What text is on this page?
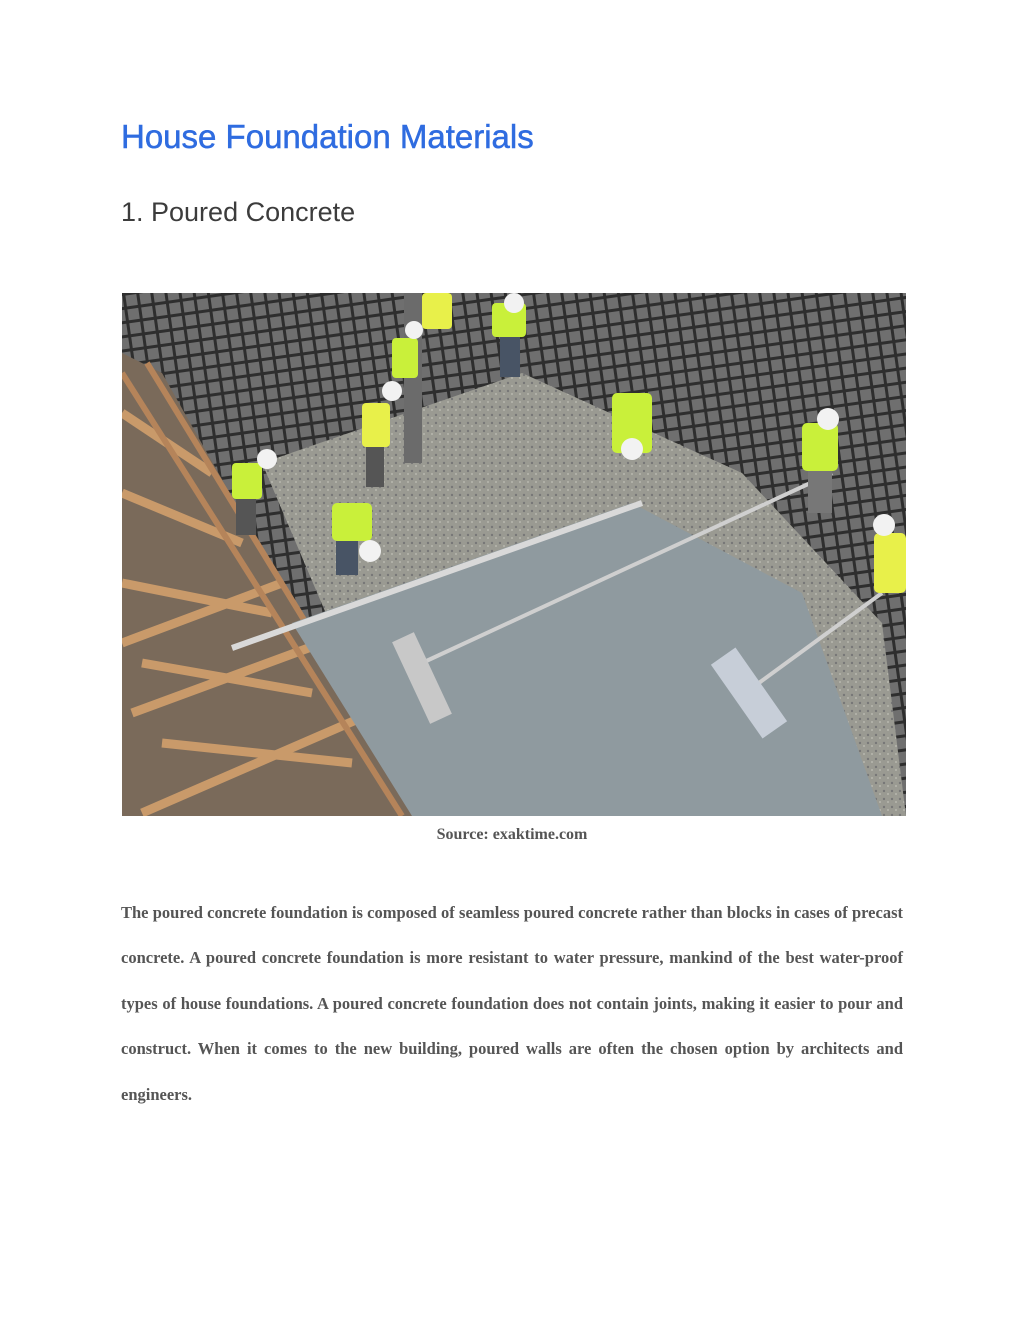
House Foundation Materials
1. Poured Concrete
Source: exaktime.com

The poured concrete foundation is composed of seamless poured concrete rather than blocks in cases of precast concrete. A poured concrete foundation is more resistant to water pressure, mankind of the best water-proof types of house foundations. A poured concrete foundation does not contain joints, making it easier to pour and construct. When it comes to the new building, poured walls are often the chosen option by architects and engineers.
